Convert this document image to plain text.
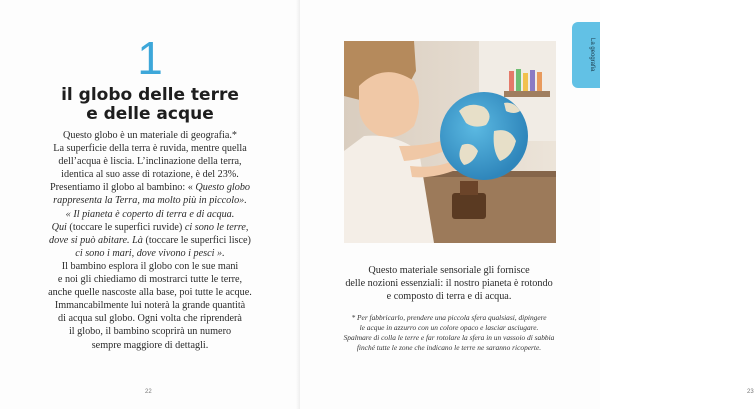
1
il globo delle terre
e delle acque

Questo globo è un materiale di geografia.*

La superficie della terra è ruvida, mentre quella

dell’acqua è liscia. L’inclinazione della terra,

identica al suo asse di rotazione, è del 23%.

Presentiamo il globo al bambino: « Questo globo

rappresenta la Terra, ma molto più in piccolo».

« Il pianeta è coperto di terra e di acqua.

Qui (toccare le superfici ruvide) ci sono le terre,

dove si può abitare. Là (toccare le superfici lisce)

ci sono i mari, dove vivono i pesci ».

Il bambino esplora il globo con le sue mani

e noi gli chiediamo di mostrarci tutte le terre,

anche quelle nascoste alla base, poi tutte le acque.

Immancabilmente lui noterà la grande quantità

di acqua sul globo. Ogni volta che riprenderà

il globo, il bambino scoprirà un numero

sempre maggiore di dettagli.

22	23
Questo materiale sensoriale gli fornisce
delle nozioni essenziali: il nostro pianeta è rotondo
e composto di terra e di acqua.
* Per fabbricarlo, prendere una piccola sfera qualsiasi, dipingere
le acque in azzurro con un colore opaco e lasciar asciugare.
Spalmare di colla le terre e far rotolare la sfera in un vassoio di sabbia
finché tutte le zone che indicano le terre ne saranno ricoperte.
La geografia
